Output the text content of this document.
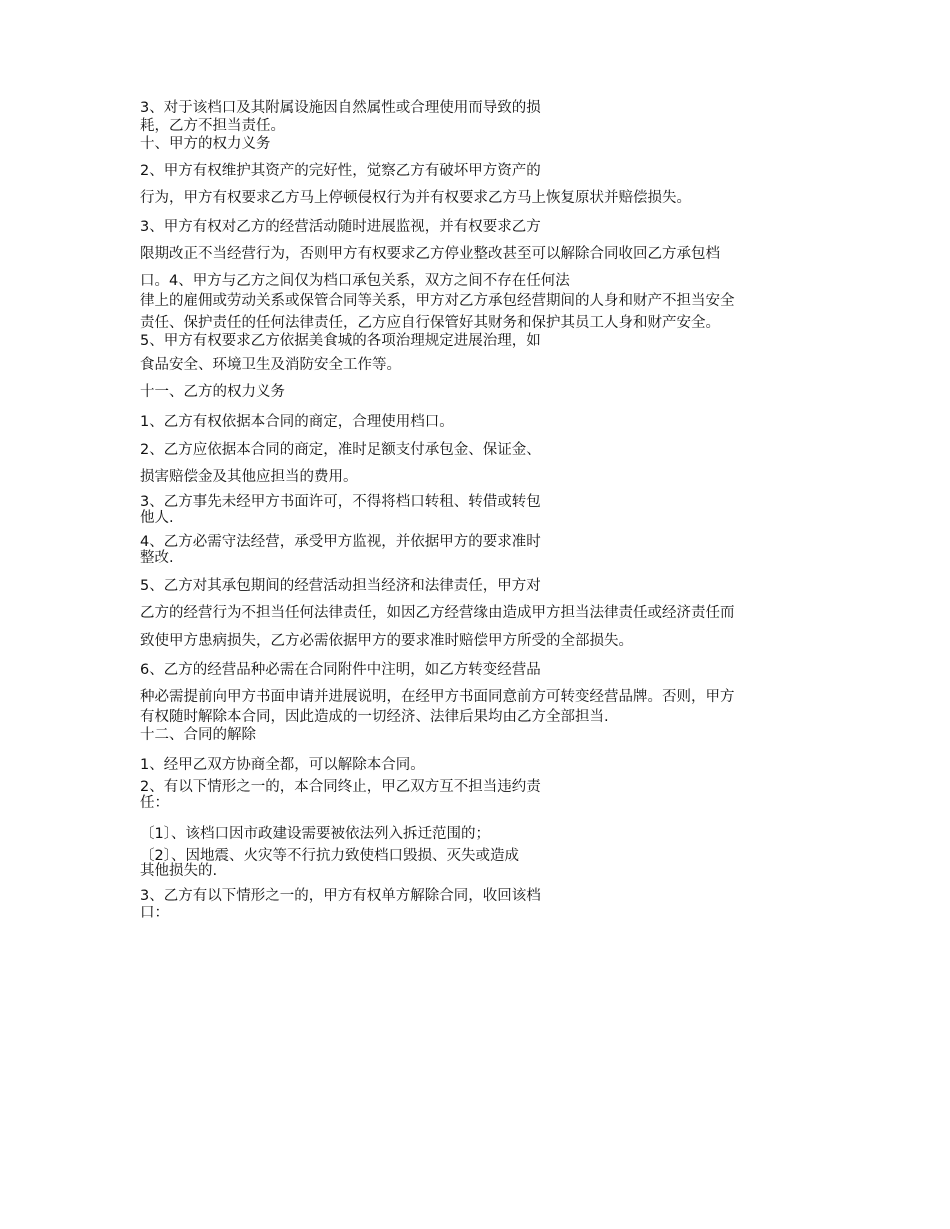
3、对于该档口及其附属设施因自然属性或合理使用而导致的损

耗，乙方不担当责任。

十、甲方的权力义务

2、甲方有权维护其资产的完好性，觉察乙方有破坏甲方资产的

行为，甲方有权要求乙方马上停顿侵权行为并有权要求乙方马上恢复原状并赔偿损失。

3、甲方有权对乙方的经营活动随时进展监视，并有权要求乙方

限期改正不当经营行为，否则甲方有权要求乙方停业整改甚至可以解除合同收回乙方承包档

口。4、甲方与乙方之间仅为档口承包关系，双方之间不存在任何法

律上的雇佣或劳动关系或保管合同等关系，甲方对乙方承包经营期间的人身和财产不担当安全

责任、保护责任的任何法律责任，乙方应自行保管好其财务和保护其员工人身和财产安全。

5、甲方有权要求乙方依据美食城的各项治理规定进展治理，如

食品安全、环境卫生及消防安全工作等。

十一、乙方的权力义务

1、乙方有权依据本合同的商定，合理使用档口。

2、乙方应依据本合同的商定，准时足额支付承包金、保证金、

损害赔偿金及其他应担当的费用。

3、乙方事先未经甲方书面许可，不得将档口转租、转借或转包

他人.

4、乙方必需守法经营，承受甲方监视，并依据甲方的要求准时

整改.

5、乙方对其承包期间的经营活动担当经济和法律责任，甲方对

乙方的经营行为不担当任何法律责任，如因乙方经营缘由造成甲方担当法律责任或经济责任而

致使甲方患病损失，乙方必需依据甲方的要求准时赔偿甲方所受的全部损失。

6、乙方的经营品种必需在合同附件中注明，如乙方转变经营品

种必需提前向甲方书面申请并进展说明，在经甲方书面同意前方可转变经营品牌。否则，甲方

有权随时解除本合同，因此造成的一切经济、法律后果均由乙方全部担当.

十二、合同的解除

1、经甲乙双方协商全都，可以解除本合同。

2、有以下情形之一的，本合同终止，甲乙双方互不担当违约责

任：

〔1〕、该档口因市政建设需要被依法列入拆迁范围的；

〔2〕、因地震、火灾等不行抗力致使档口毁损、灭失或造成

其他损失的.

3、乙方有以下情形之一的，甲方有权单方解除合同，收回该档

口：
